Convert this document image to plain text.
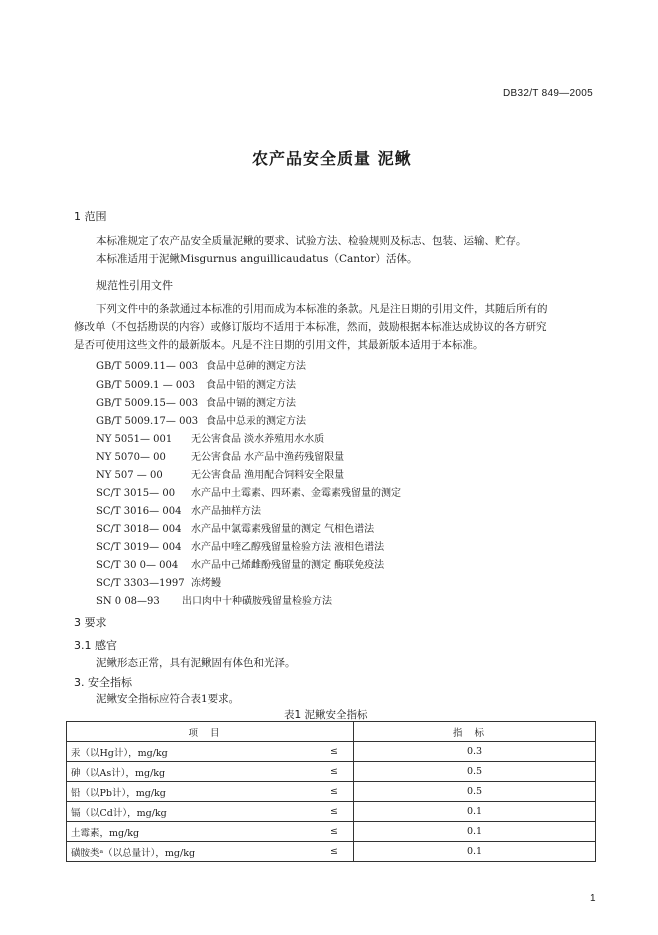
DB32/T 849—2005
农产品安全质量 泥鳅
1 范围
本标准规定了农产品安全质量泥鳅的要求、试验方法、检验规则及标志、包装、运输、贮存。
本标准适用于泥鳅Misgurnus anguillicaudatus（Cantor）活体。
规范性引用文件
下列文件中的条款通过本标准的引用而成为本标准的条款。凡是注日期的引用文件，其随后所有的
修改单（不包括勘误的内容）或修订版均不适用于本标准，然而，鼓励根据本标准达成协议的各方研究
是否可使用这些文件的最新版本。凡是不注日期的引用文件，其最新版本适用于本标准。
GB/T 5009.11— 003 食品中总砷的测定方法
GB/T 5009.1 — 003 食品中铅的测定方法
GB/T 5009.15— 003 食品中镉的测定方法
GB/T 5009.17— 003 食品中总汞的测定方法
NY 5051— 001 无公害食品 淡水养殖用水水质
NY 5070— 00	无公害食品 水产品中渔药残留限量
NY 507 — 00	无公害食品 渔用配合饲料安全限量
SC/T 3015— 00 水产品中土霉素、四环素、金霉素残留量的测定
SC/T 3016— 004 水产品抽样方法
SC/T 3018— 004 水产品中氯霉素残留量的测定 气相色谱法
SC/T 3019— 004 水产品中喹乙醇残留量检验方法 液相色谱法
SC/T 30 0— 004 水产品中己烯雌酚残留量的测定 酶联免疫法
SC/T 3303—1997 冻烤鳗
SN 0 08—93 出口肉中十种磺胺残留量检验方法
3 要求
3.1 感官
泥鳅形态正常，具有泥鳅固有体色和光泽。
3. 安全指标
泥鳅安全指标应符合表1要求。
表1 泥鳅安全指标
项目		指标
汞（以Hg计），mg/kg	≤	0.3
砷（以As计），mg/kg	≤	0.5
铅（以Pb计），mg/kg	≤	0.5
镉（以Cd计），mg/kg	≤	0.1
土霉素，mg/kg	≤	0.1
磺胺类ᵃ（以总量计），mg/kg	≤	0.1
1
